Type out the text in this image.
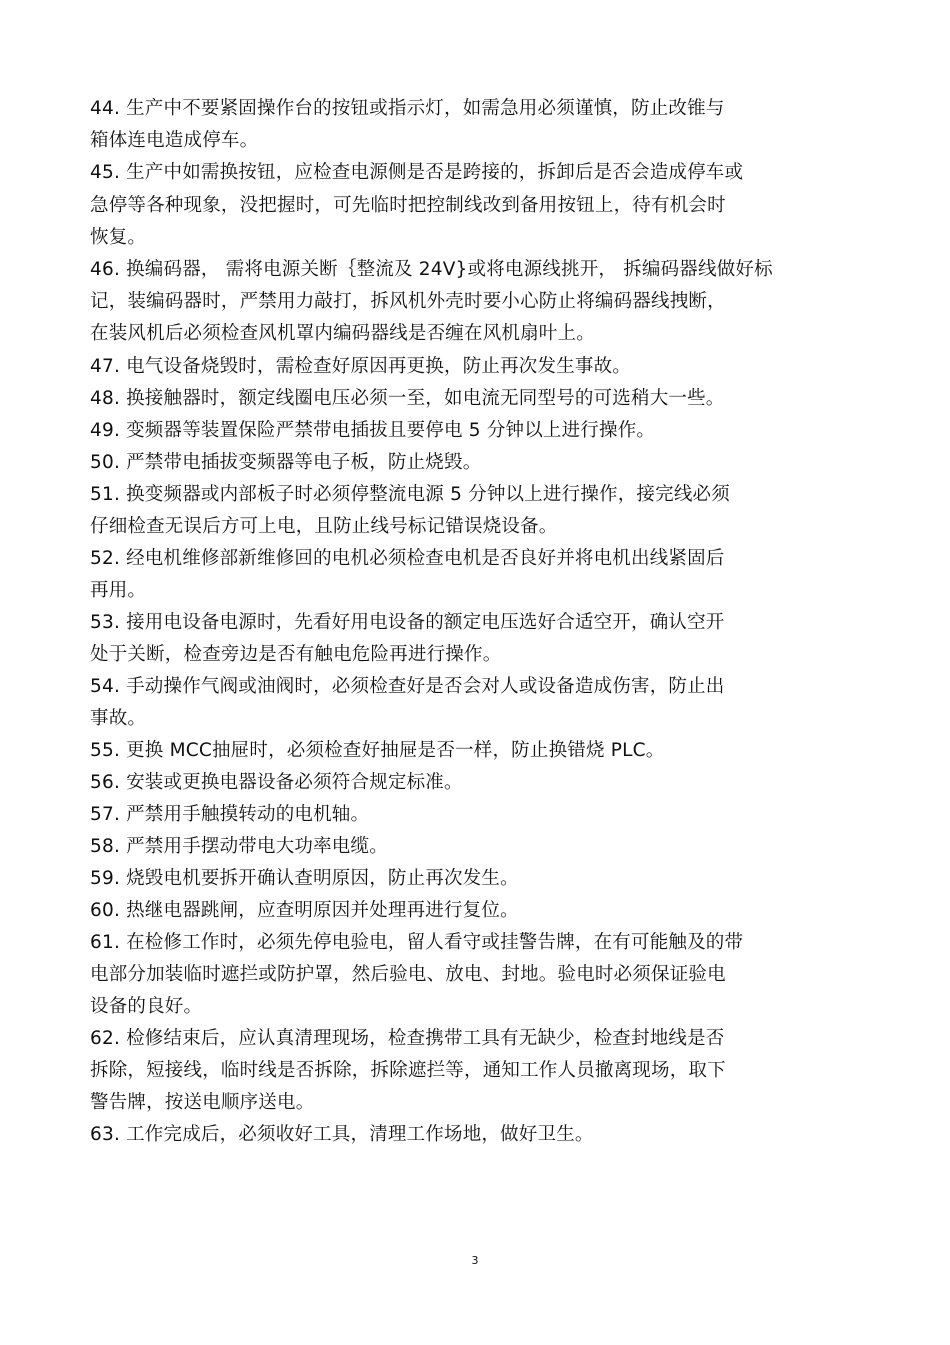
44. 生产中不要紧固操作台的按钮或指示灯，如需急用必须谨慎，防止改锥与
箱体连电造成停车。
45. 生产中如需换按钮，应检查电源侧是否是跨接的，拆卸后是否会造成停车或
急停等各种现象，没把握时，可先临时把控制线改到备用按钮上，待有机会时
恢复。
46. 换编码器， 需将电源关断｛整流及 24V}或将电源线挑开， 拆编码器线做好标
记，装编码器时，严禁用力敲打，拆风机外壳时要小心防止将编码器线拽断，
在装风机后必须检查风机罩内编码器线是否缠在风机扇叶上。
47. 电气设备烧毁时，需检查好原因再更换，防止再次发生事故。
48. 换接触器时，额定线圈电压必须一至，如电流无同型号的可选稍大一些。
49. 变频器等装置保险严禁带电插拔且要停电 5 分钟以上进行操作。
50. 严禁带电插拔变频器等电子板，防止烧毁。
51. 换变频器或内部板子时必须停整流电源 5 分钟以上进行操作，接完线必须
仔细检查无误后方可上电，且防止线号标记错误烧设备。
52. 经电机维修部新维修回的电机必须检查电机是否良好并将电机出线紧固后
再用。
53. 接用电设备电源时，先看好用电设备的额定电压选好合适空开，确认空开
处于关断，检查旁边是否有触电危险再进行操作。
54. 手动操作气阀或油阀时，必须检查好是否会对人或设备造成伤害，防止出
事故。
55. 更换 MCC抽屉时，必须检查好抽屉是否一样，防止换错烧 PLC。
56. 安装或更换电器设备必须符合规定标准。
57. 严禁用手触摸转动的电机轴。
58. 严禁用手摆动带电大功率电缆。
59. 烧毁电机要拆开确认查明原因，防止再次发生。
60. 热继电器跳闸，应查明原因并处理再进行复位。
61. 在检修工作时，必须先停电验电，留人看守或挂警告牌，在有可能触及的带
电部分加装临时遮拦或防护罩，然后验电、放电、封地。验电时必须保证验电
设备的良好。
62. 检修结束后，应认真清理现场，检查携带工具有无缺少，检查封地线是否
拆除，短接线，临时线是否拆除，拆除遮拦等，通知工作人员撤离现场，取下
警告牌，按送电顺序送电。
63. 工作完成后，必须收好工具，清理工作场地，做好卫生。
3
